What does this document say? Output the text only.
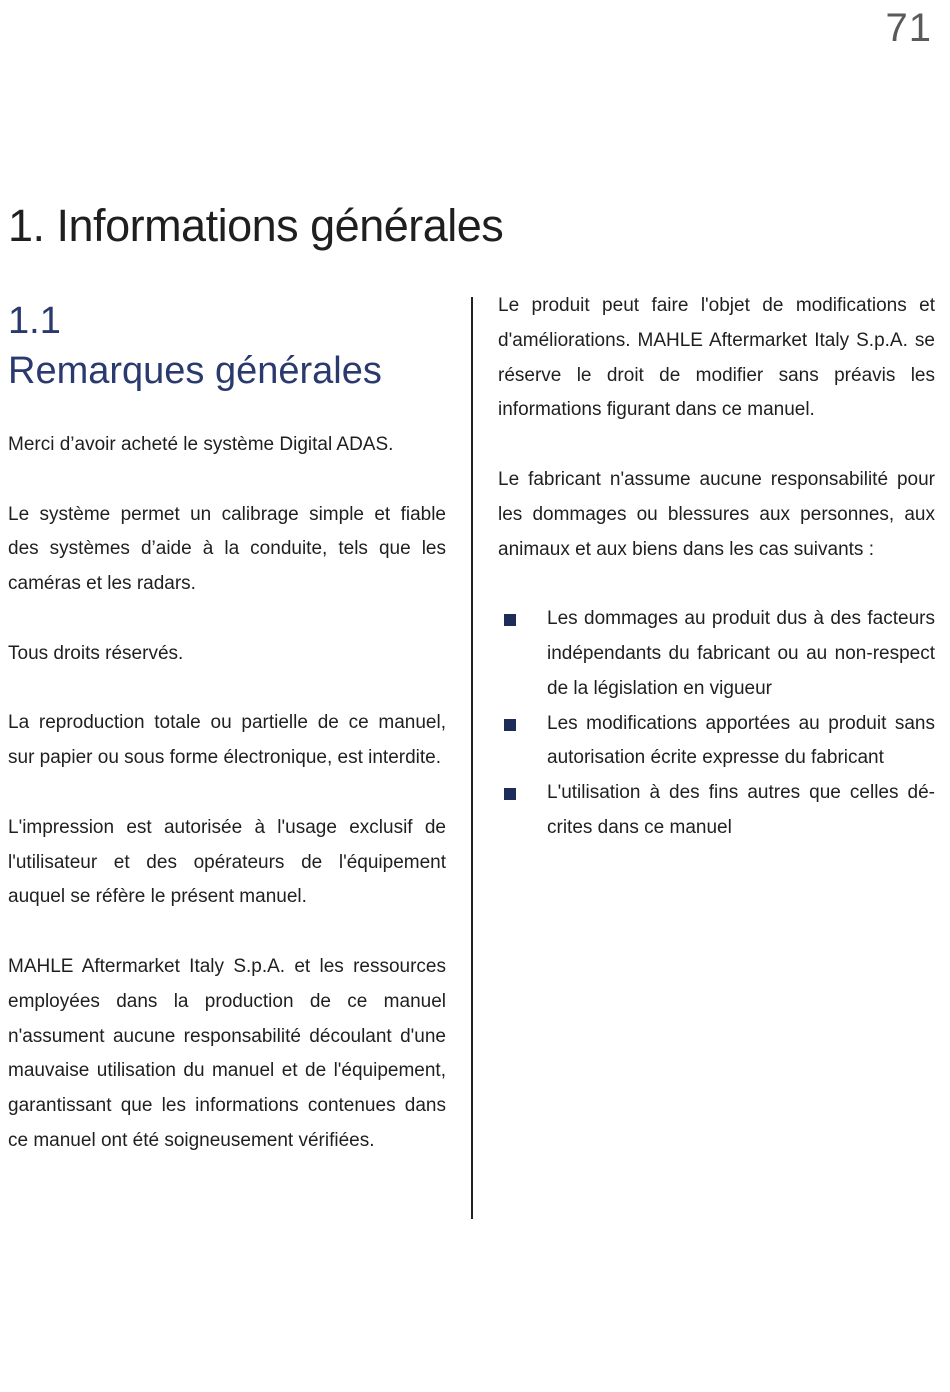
71
1. Informations générales
1.1
Remarques générales

Merci d’avoir acheté le système Digital ADAS.

Le système permet un calibrage simple et fiable des systèmes d’aide à la conduite, tels que les caméras et les radars.

Tous droits réservés.

La reproduction totale ou partielle de ce manuel, sur papier ou sous forme électronique, est interdite.

L'impression est autorisée à l'usage exclusif de l'utilisateur et des opérateurs de l'équipement auquel se réfère le présent manuel.

MAHLE Aftermarket Italy S.p.A. et les ressources employées dans la production de ce manuel n'assument aucune responsabilité découlant d'une mauvaise utilisation du manuel et de l'équipement, garantissant que les informations contenues dans ce manuel ont été soigneusement vérifiées.

Le produit peut faire l'objet de modifications et d'améliorations. MAHLE Aftermarket Italy S.p.A. se réserve le droit de modifier sans préavis les informations figurant dans ce manuel.

Le fabricant n'assume aucune responsabilité pour les dommages ou blessures aux personnes, aux animaux et aux biens dans les cas suivants :

Les dommages au produit dus à des facteurs indépendants du fabricant ou au non-respect de la législation en vigueur
Les modifications apportées au produit sans autorisation écrite expresse du fabricant
L'utilisation à des fins autres que celles décrites dans ce manuel
